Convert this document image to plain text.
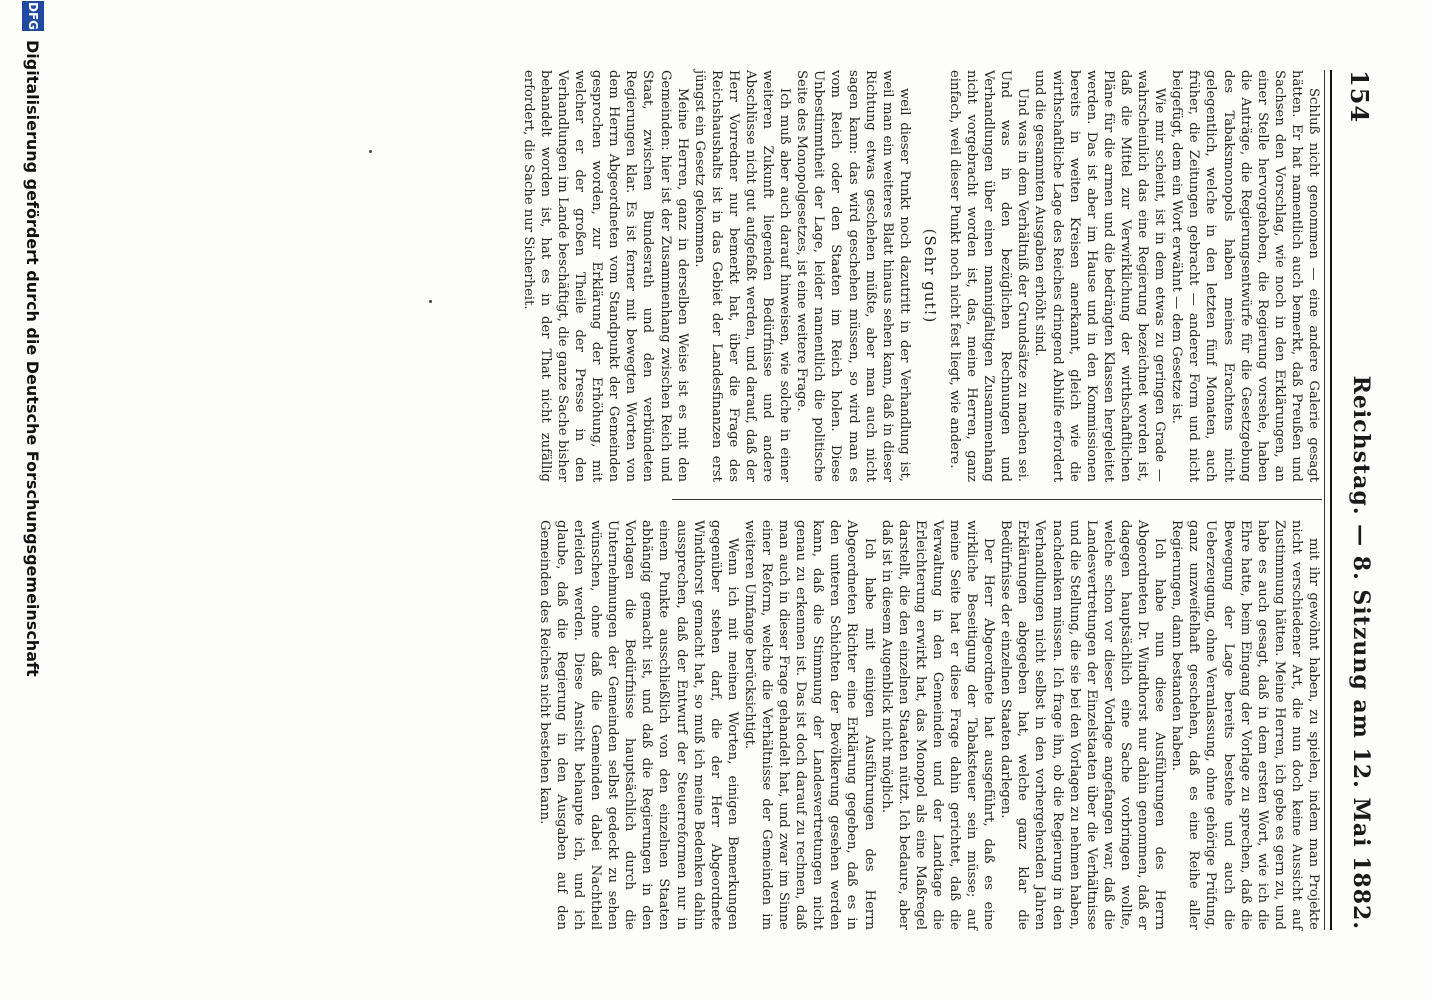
154
Reichstag. — 8. Sitzung am 12. Mai 1882.

Schluß nicht genommen — eine andere Galerie gesagt hätten. Er hat namentlich auch bemerkt, daß Preußen und Sachsen den Vorschlag, wie noch in den Erklärungen, an einer Stelle hervorgehoben, die Regierung vorsehe, haben die Anträge, die Regierungsentwürfe für die Gesetzgebung des Tabaksmonopols haben meines Erachtens nicht gelegentlich, welche in den letzten fünf Monaten, auch früher, die Zeitungen gebracht — anderer Form und nicht beigefügt, dem ein Wort erwähnt — dem Gesetze ist.

Wie mir scheint, ist in dem etwas zu geringen Grade — wahrscheinlich das eine Regierung bezeichnet worden ist, daß die Mittel zur Verwirklichung der wirthschaftlichen Pläne für die armen und die bedrängten Klassen hergeleitet werden. Das ist aber im Hause und in den Kommissionen bereits in weiten Kreisen anerkannt, gleich wie die wirthschaftliche Lage des Reiches dringend Abhilfe erfordert und die gesammten Ausgaben erhöht sind.

Und was in dem Verhältniß der Grundsätze zu machen sei. Und was in den bezüglichen Rechnungen und Verhandlungen über einen mannigfaltigen Zusammenhang nicht vorgebracht worden ist, das, meine Herren, ganz einfach, weil dieser Punkt noch nicht fest liegt, wie andere.

(Sehr gut!)

weil dieser Punkt noch dazutritt in der Verhandlung ist, weil man ein weiteres Blatt hinaus sehen kann, daß in dieser Richtung etwas geschehen müßte, aber man auch nicht sagen kann: das wird geschehen müssen, so wird man es vom Reich oder den Staaten im Reich holen. Diese Unbestimmtheit der Lage, leider namentlich die politische Seite des Monopolgesetzes, ist eine weitere Frage.

Ich muß aber auch darauf hinweisen, wie solche in einer weiteren Zukunft liegenden Bedürfnisse und andere Abschlüsse nicht gut aufgefaßt werden, und darauf, daß der Herr Vorredner nur bemerkt hat, über die Frage des Reichshaushalts ist in das Gebiet der Landesfinanzen erst jüngst ein Gesetz gekommen.

Meine Herren, ganz in derselben Weise ist es mit den Gemeinden: hier ist der Zusammenhang zwischen Reich und Staat, zwischen Bundesrath und den verbündeten Regierungen klar. Es ist ferner mit bewegten Worten von dem Herrn Abgeordneten vom Standpunkt der Gemeinden gesprochen worden, zur Erklärung der Erhöhung, mit welcher er der großen Theile der Presse in den Verhandlungen im Lande beschäftigt, die ganze Sache bisher behandelt worden ist, hat es in der That nicht zufällig erfordert, die Sache nur Sicherheit.

mit ihr gewöhnt haben, zu spielen, indem man Projekte nicht verschiedener Art, die nun doch keine Aussicht auf Zustimmung hätten. Meine Herren, ich gebe es gern zu, und habe es auch gesagt, daß in dem ersten Wort, wie ich die Ehre hatte, beim Eingang der Vorlage zu sprechen, daß die Bewegung der Lage bereits bestehe und auch die Ueberzeugung, ohne Veranlassung, ohne gehörige Prüfung, ganz unzweifelhaft geschehen, daß es eine Reihe aller Regierungen, dann bestanden haben.

Ich habe nun diese Ausführungen des Herrn Abgeordneten Dr. Windthorst nur dahin genommen, daß er dagegen hauptsächlich eine Sache vorbringen wollte, welche schon vor dieser Vorlage angefangen war, daß die Landesvertretungen der Einzelstaaten über die Verhältnisse und die Stellung, die sie bei den Vorlagen zu nehmen haben, nachdenken müssen. Ich frage ihn, ob die Regierung in den Verhandlungen nicht selbst in den vorhergehenden Jahren Erklärungen abgegeben hat, welche ganz klar die Bedürfnisse der einzelnen Staaten darlegen.

Der Herr Abgeordnete hat ausgeführt, daß es eine wirkliche Beseitigung der Tabaksteuer sein müsse; auf meine Seite hat er diese Frage dahin gerichtet, daß die Verwaltung in den Gemeinden und der Landtage die Erleichterung erwirkt hat, das Monopol als eine Maßregel darstellt, die den einzelnen Staaten nützt. Ich bedaure, aber daß ist in diesem Augenblick nicht möglich.

Ich habe mit einigen Ausführungen des Herrn Abgeordneten Richter eine Erklärung gegeben, daß es in den unteren Schichten der Bevölkerung gesehen werden kann, daß die Stimmung der Landesvertretungen nicht genau zu erkennen ist. Das ist doch darauf zu rechnen, daß man auch in dieser Frage gehandelt hat, und zwar im Sinne einer Reform, welche die Verhältnisse der Gemeinden im weiteren Umfange berücksichtigt.

Wenn ich mit meinen Worten, einigen Bemerkungen gegenüber stehen darf, die der Herr Abgeordnete Windthorst gemacht hat, so muß ich meine Bedenken dahin aussprechen, daß der Entwurf der Steuerreformen nur in einem Punkte ausschließlich von den einzelnen Staaten abhängig gemacht ist, und daß die Regierungen in den Vorlagen die Bedürfnisse hauptsächlich durch die Unternehmungen der Gemeinden selbst gedeckt zu sehen wünschen, ohne daß die Gemeinden dabei Nachtheil erleiden werden. Diese Ansicht behaupte ich, und ich glaube, daß die Regierung in den Ausgaben auf den Gemeinden des Reiches nicht bestehen kann.

DFG
Digitalisierung gefördert durch die Deutsche Forschungsgemeinschaft
